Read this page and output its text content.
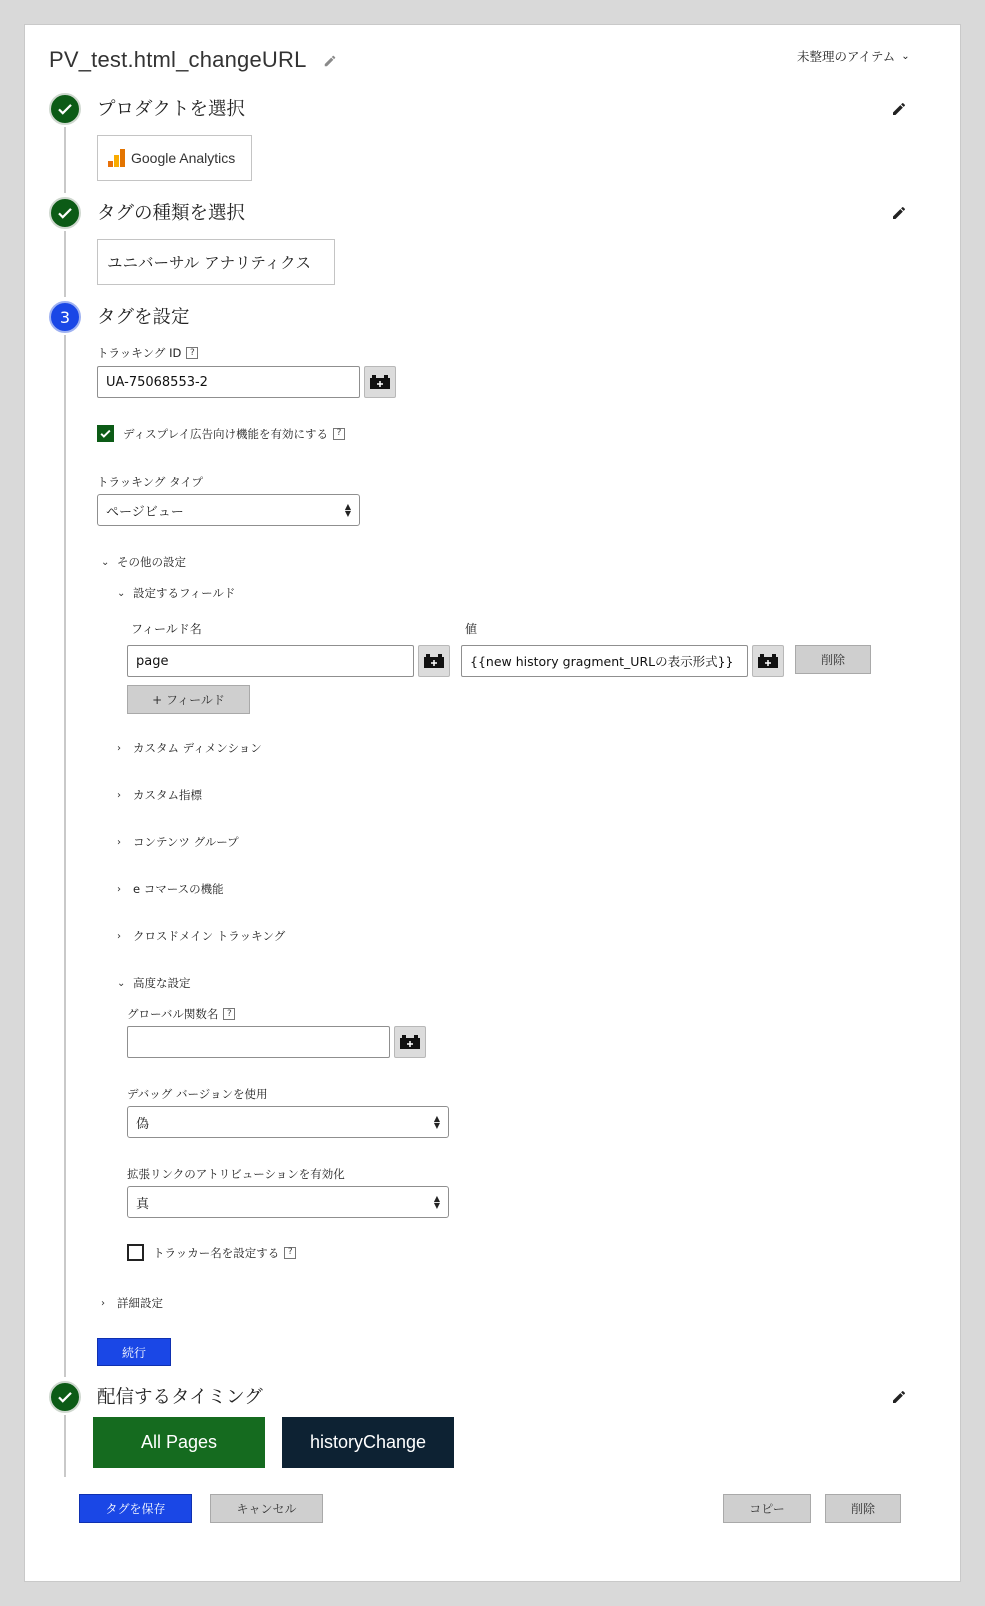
PV_test.html_changeURL	未整理のアイテム ⌄
プロダクトを選択
Google Analytics
タグの種類を選択
ユニバーサル アナリティクス
3	タグを設定
トラッキング ID ?
UA-75068553-2
ディスプレイ広告向け機能を有効にする ?
トラッキング タイプ
ページビュー	▲
▼
⌄ その他の設定
⌄ 設定するフィールド
フィールド名	値
page	{{new history gragment_URLの表示形式}}	削除
+ フィールド
›	カスタム ディメンション
›	カスタム指標
›	コンテンツ グループ
›	e コマースの機能
›	クロスドメイン トラッキング
⌄ 高度な設定
グローバル関数名 ?
デバッグ バージョンを使用
偽	▲
▼
拡張リンクのアトリビューションを有効化
真	▲
▼
トラッカー名を設定する ?
›	詳細設定
続行
配信するタイミング
All Pages	historyChange
タグを保存	キャンセル	コピー	削除
